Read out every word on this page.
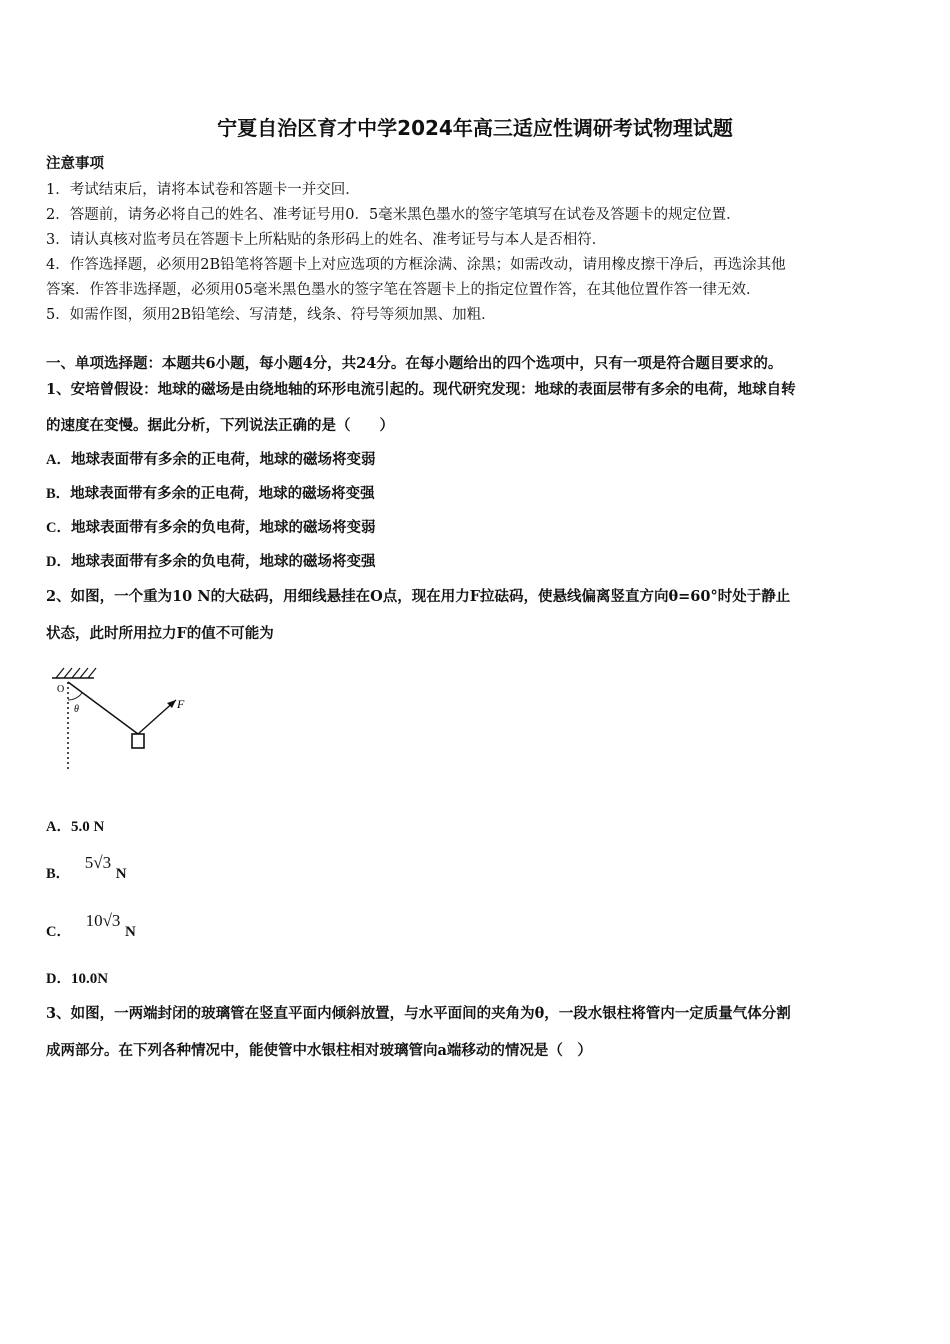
宁夏自治区育才中学2024年高三适应性调研考试物理试题
注意事项
1．考试结束后，请将本试卷和答题卡一并交回．
2．答题前，请务必将自己的姓名、准考证号用0．5毫米黑色墨水的签字笔填写在试卷及答题卡的规定位置．
3．请认真核对监考员在答题卡上所粘贴的条形码上的姓名、准考证号与本人是否相符．
4．作答选择题，必须用2B铅笔将答题卡上对应选项的方框涂满、涂黑；如需改动，请用橡皮擦干净后，再选涂其他
答案．作答非选择题，必须用05毫米黑色墨水的签字笔在答题卡上的指定位置作答，在其他位置作答一律无效．
5．如需作图，须用2B铅笔绘、写清楚，线条、符号等须加黑、加粗．
一、单项选择题：本题共6小题，每小题4分，共24分。在每小题给出的四个选项中，只有一项是符合题目要求的。
1、安培曾假设：地球的磁场是由绕地轴的环形电流引起的。现代研究发现：地球的表面层带有多余的电荷，地球自转
的速度在变慢。据此分析，下列说法正确的是（　　）
A．地球表面带有多余的正电荷，地球的磁场将变弱
B．地球表面带有多余的正电荷，地球的磁场将变强
C．地球表面带有多余的负电荷，地球的磁场将变弱
D．地球表面带有多余的负电荷，地球的磁场将变强
2、如图，一个重为10 N的大砝码，用细线悬挂在O点，现在用力F拉砝码，使悬线偏离竖直方向θ=60°时处于静止
状态，此时所用拉力F的值不可能为
O
θ	F
A．5.0 N
B． 5√3 N
C． 10√3 N
D．10.0N
3、如图，一两端封闭的玻璃管在竖直平面内倾斜放置，与水平面间的夹角为θ，一段水银柱将管内一定质量气体分割
成两部分。在下列各种情况中，能使管中水银柱相对玻璃管向a端移动的情况是（　）
